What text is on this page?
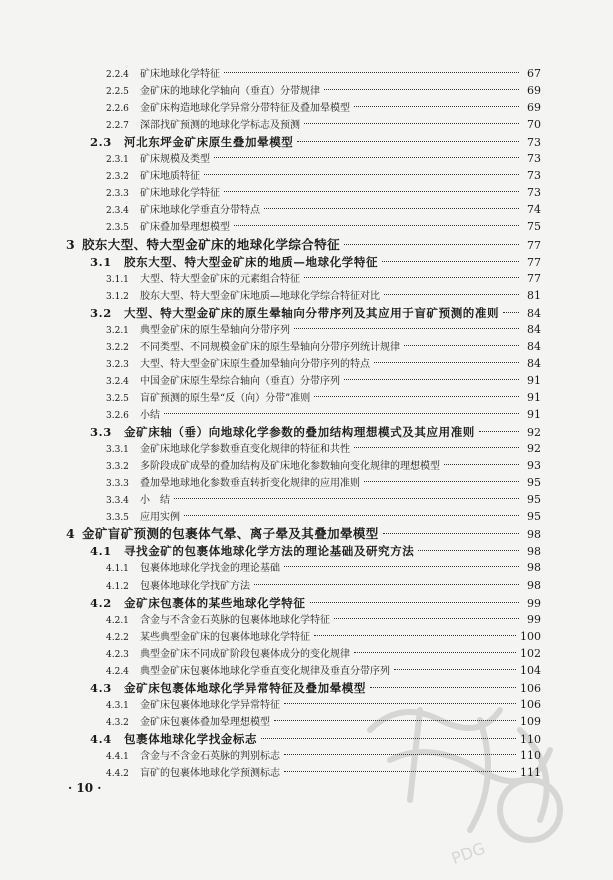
2.2.4	矿床地球化学特征	67
2.2.5	金矿床的地球化学轴向（垂直）分带规律	69
2.2.6	金矿床构造地球化学异常分带特征及叠加晕模型	69
2.2.7	深部找矿预测的地球化学标志及预测	70
2.3	河北东坪金矿床原生叠加晕模型	73
2.3.1	矿床规模及类型	73
2.3.2	矿床地质特征	73
2.3.3	矿床地球化学特征	73
2.3.4	矿床地球化学垂直分带特点	74
2.3.5	矿床叠加晕理想模型	75
3 胶东大型、特大型金矿床的地球化学综合特征	77
3.1	胶东大型、特大型金矿床的地质—地球化学特征	77
3.1.1	大型、特大型金矿床的元素组合特征	77
3.1.2	胶东大型、特大型金矿床地质—地球化学综合特征对比	81
3.2	大型、特大型金矿床的原生晕轴向分带序列及其应用于盲矿预测的准则	84
3.2.1	典型金矿床的原生晕轴向分带序列	84
3.2.2	不同类型、不同规模金矿床的原生晕轴向分带序列统计规律	84
3.2.3	大型、特大型金矿床原生叠加晕轴向分带序列的特点	84
3.2.4	中国金矿床原生晕综合轴向（垂直）分带序列	91
3.2.5	盲矿预测的原生晕“反（向）分带”准则	91
3.2.6	小结	91
3.3	金矿床轴（垂）向地球化学参数的叠加结构理想模式及其应用准则	92
3.3.1	金矿床地球化学参数垂直变化规律的特征和共性	92
3.3.2	多阶段成矿成晕的叠加结构及矿床地化参数轴向变化规律的理想模型	93
3.3.3	叠加晕地球地化参数垂直转折变化规律的应用准则	95
3.3.4	小　结	95
3.3.5	应用实例	95
4 金矿盲矿预测的包裹体气晕、离子晕及其叠加晕模型	98
4.1	寻找金矿的包裹体地球化学方法的理论基础及研究方法	98
4.1.1	包裹体地球化学找金的理论基础	98
4.1.2	包裹体地球化学找矿方法	98
4.2	金矿床包裹体的某些地球化学特征	99
4.2.1	含金与不含金石英脉的包裹体地球化学特征	99
4.2.2	某些典型金矿床的包裹体地球化学特征	100
4.2.3	典型金矿床不同成矿阶段包裹体成分的变化规律	102
4.2.4	典型金矿床包裹体地球化学垂直变化规律及垂直分带序列	104
4.3	金矿床包裹体地球化学异常特征及叠加晕模型	106
4.3.1	金矿床包裹体地球化学异常特征	106
4.3.2	金矿床包裹体叠加晕理想模型	109
4.4	包裹体地球化学找金标志	110
4.4.1	含金与不含金石英脉的判别标志	110
4.4.2	盲矿的包裹体地球化学预测标志	111
· 10 ·
PDG
